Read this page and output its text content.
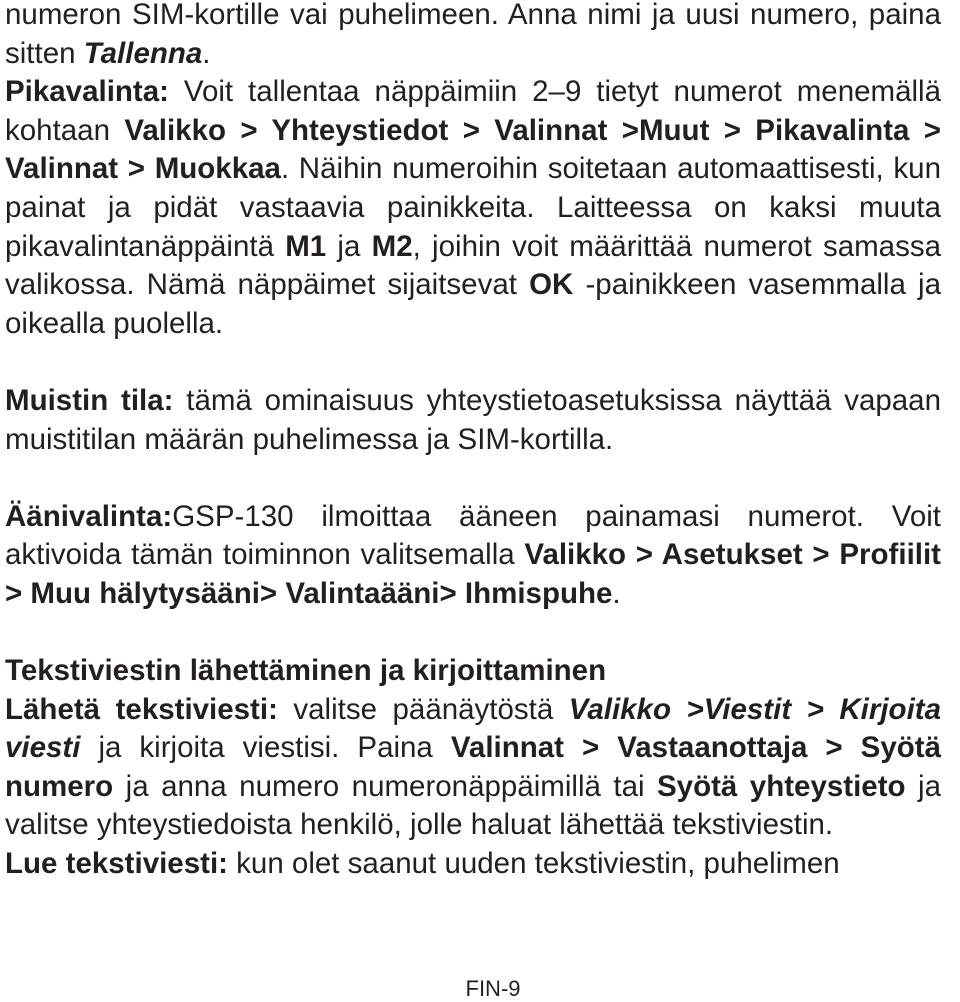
numeron SIM-kortille vai puhelimeen. Anna nimi ja uusi numero, paina sitten Tallenna.

Pikavalinta: Voit tallentaa näppäimiin 2–9 tietyt numerot menemällä kohtaan Valikko > Yhteystiedot > Valinnat >Muut > Pikavalinta > Valinnat > Muokkaa. Näihin numeroihin soitetaan automaattisesti, kun painat ja pidät vastaavia painikkeita. Laitteessa on kaksi muuta pikavalintanäppäintä M1 ja M2, joihin voit määrittää numerot samassa valikossa. Nämä näppäimet sijaitsevat OK -painikkeen vasemmalla ja oikealla puolella.

Muistin tila: tämä ominaisuus yhteystietoasetuksissa näyttää vapaan muistitilan määrän puhelimessa ja SIM-kortilla.

Äänivalinta:GSP-130 ilmoittaa ääneen painamasi numerot. Voit aktivoida tämän toiminnon valitsemalla Valikko > Asetukset > Profiilit > Muu hälytysääni> Valintaääni> Ihmispuhe.

Tekstiviestin lähettäminen ja kirjoittaminen

Lähetä tekstiviesti: valitse päänäytöstä Valikko >Viestit > Kirjoita viesti ja kirjoita viestisi. Paina Valinnat > Vastaanottaja > Syötä numero ja anna numero numeronäppäimillä tai Syötä yhteystieto ja valitse yhteystiedoista henkilö, jolle haluat lähettää tekstiviestin.

Lue tekstiviesti: kun olet saanut uuden tekstiviestin, puhelimen

FIN-9
